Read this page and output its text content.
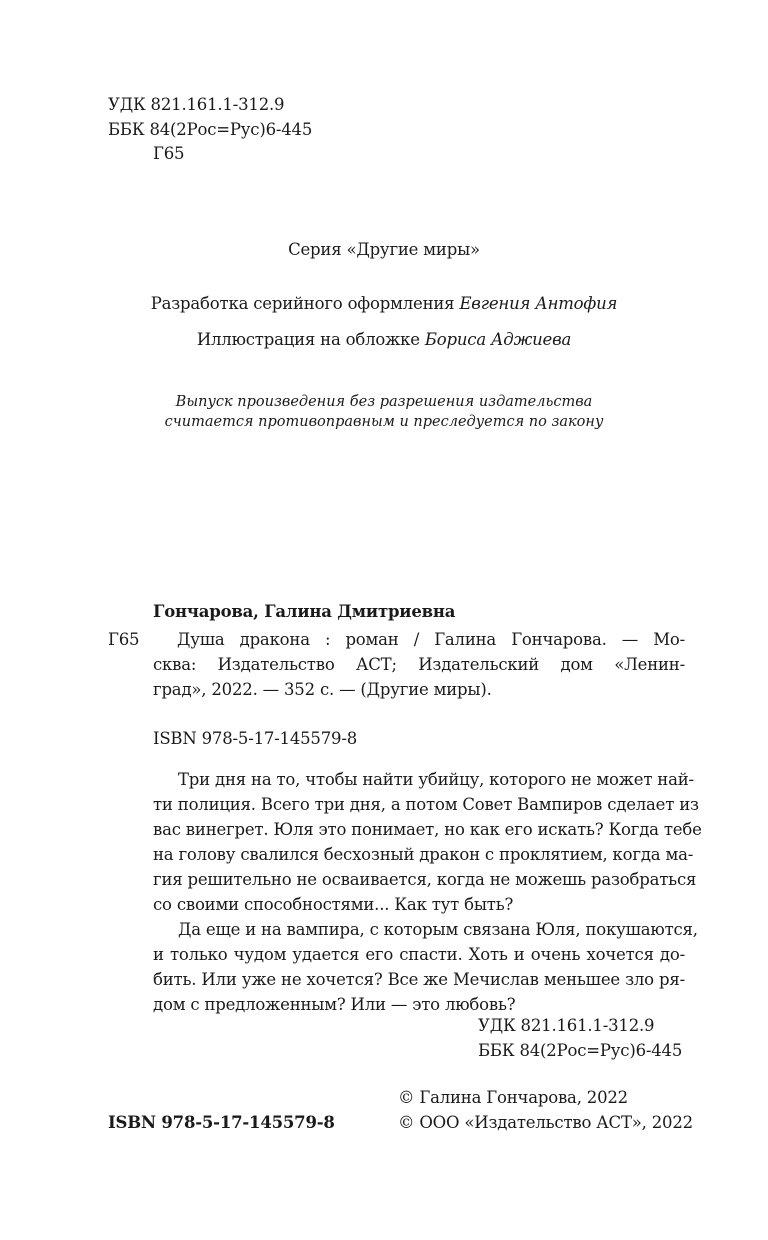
УДК 821.161.1-312.9
ББК 84(2Рос=Рус)6-445
Г65
Серия «Другие миры»
Разработка серийного оформления Евгения Антофия
Иллюстрация на обложке Бориса Аджиева
Выпуск произведения без разрешения издательства
считается противоправным и преследуется по закону
Гончарова, Галина Дмитриевна
Г65 Душа дракона : роман / Галина Гончарова. — Мо-
сква: Издательство АСТ; Издательский дом «Ленин-
град», 2022. — 352 с. — (Другие миры).
ISBN 978-5-17-145579-8
Три дня на то, чтобы найти убийцу, которого не может най-
ти полиция. Всего три дня, а потом Совет Вампиров сделает из
вас винегрет. Юля это понимает, но как его искать? Когда тебе
на голову свалился бесхозный дракон с проклятием, когда ма-
гия решительно не осваивается, когда не можешь разобраться
со своими способностями... Как тут быть?
Да еще и на вампира, с которым связана Юля, покушаются,
и только чудом удается его спасти. Хоть и очень хочется до-
бить. Или уже не хочется? Все же Мечислав меньшее зло ря-
дом с предложенным? Или — это любовь?
УДК 821.161.1-312.9
ББК 84(2Рос=Рус)6-445
© Галина Гончарова, 2022
ISBN 978-5-17-145579-8	© ООО «Издательство АСТ», 2022
